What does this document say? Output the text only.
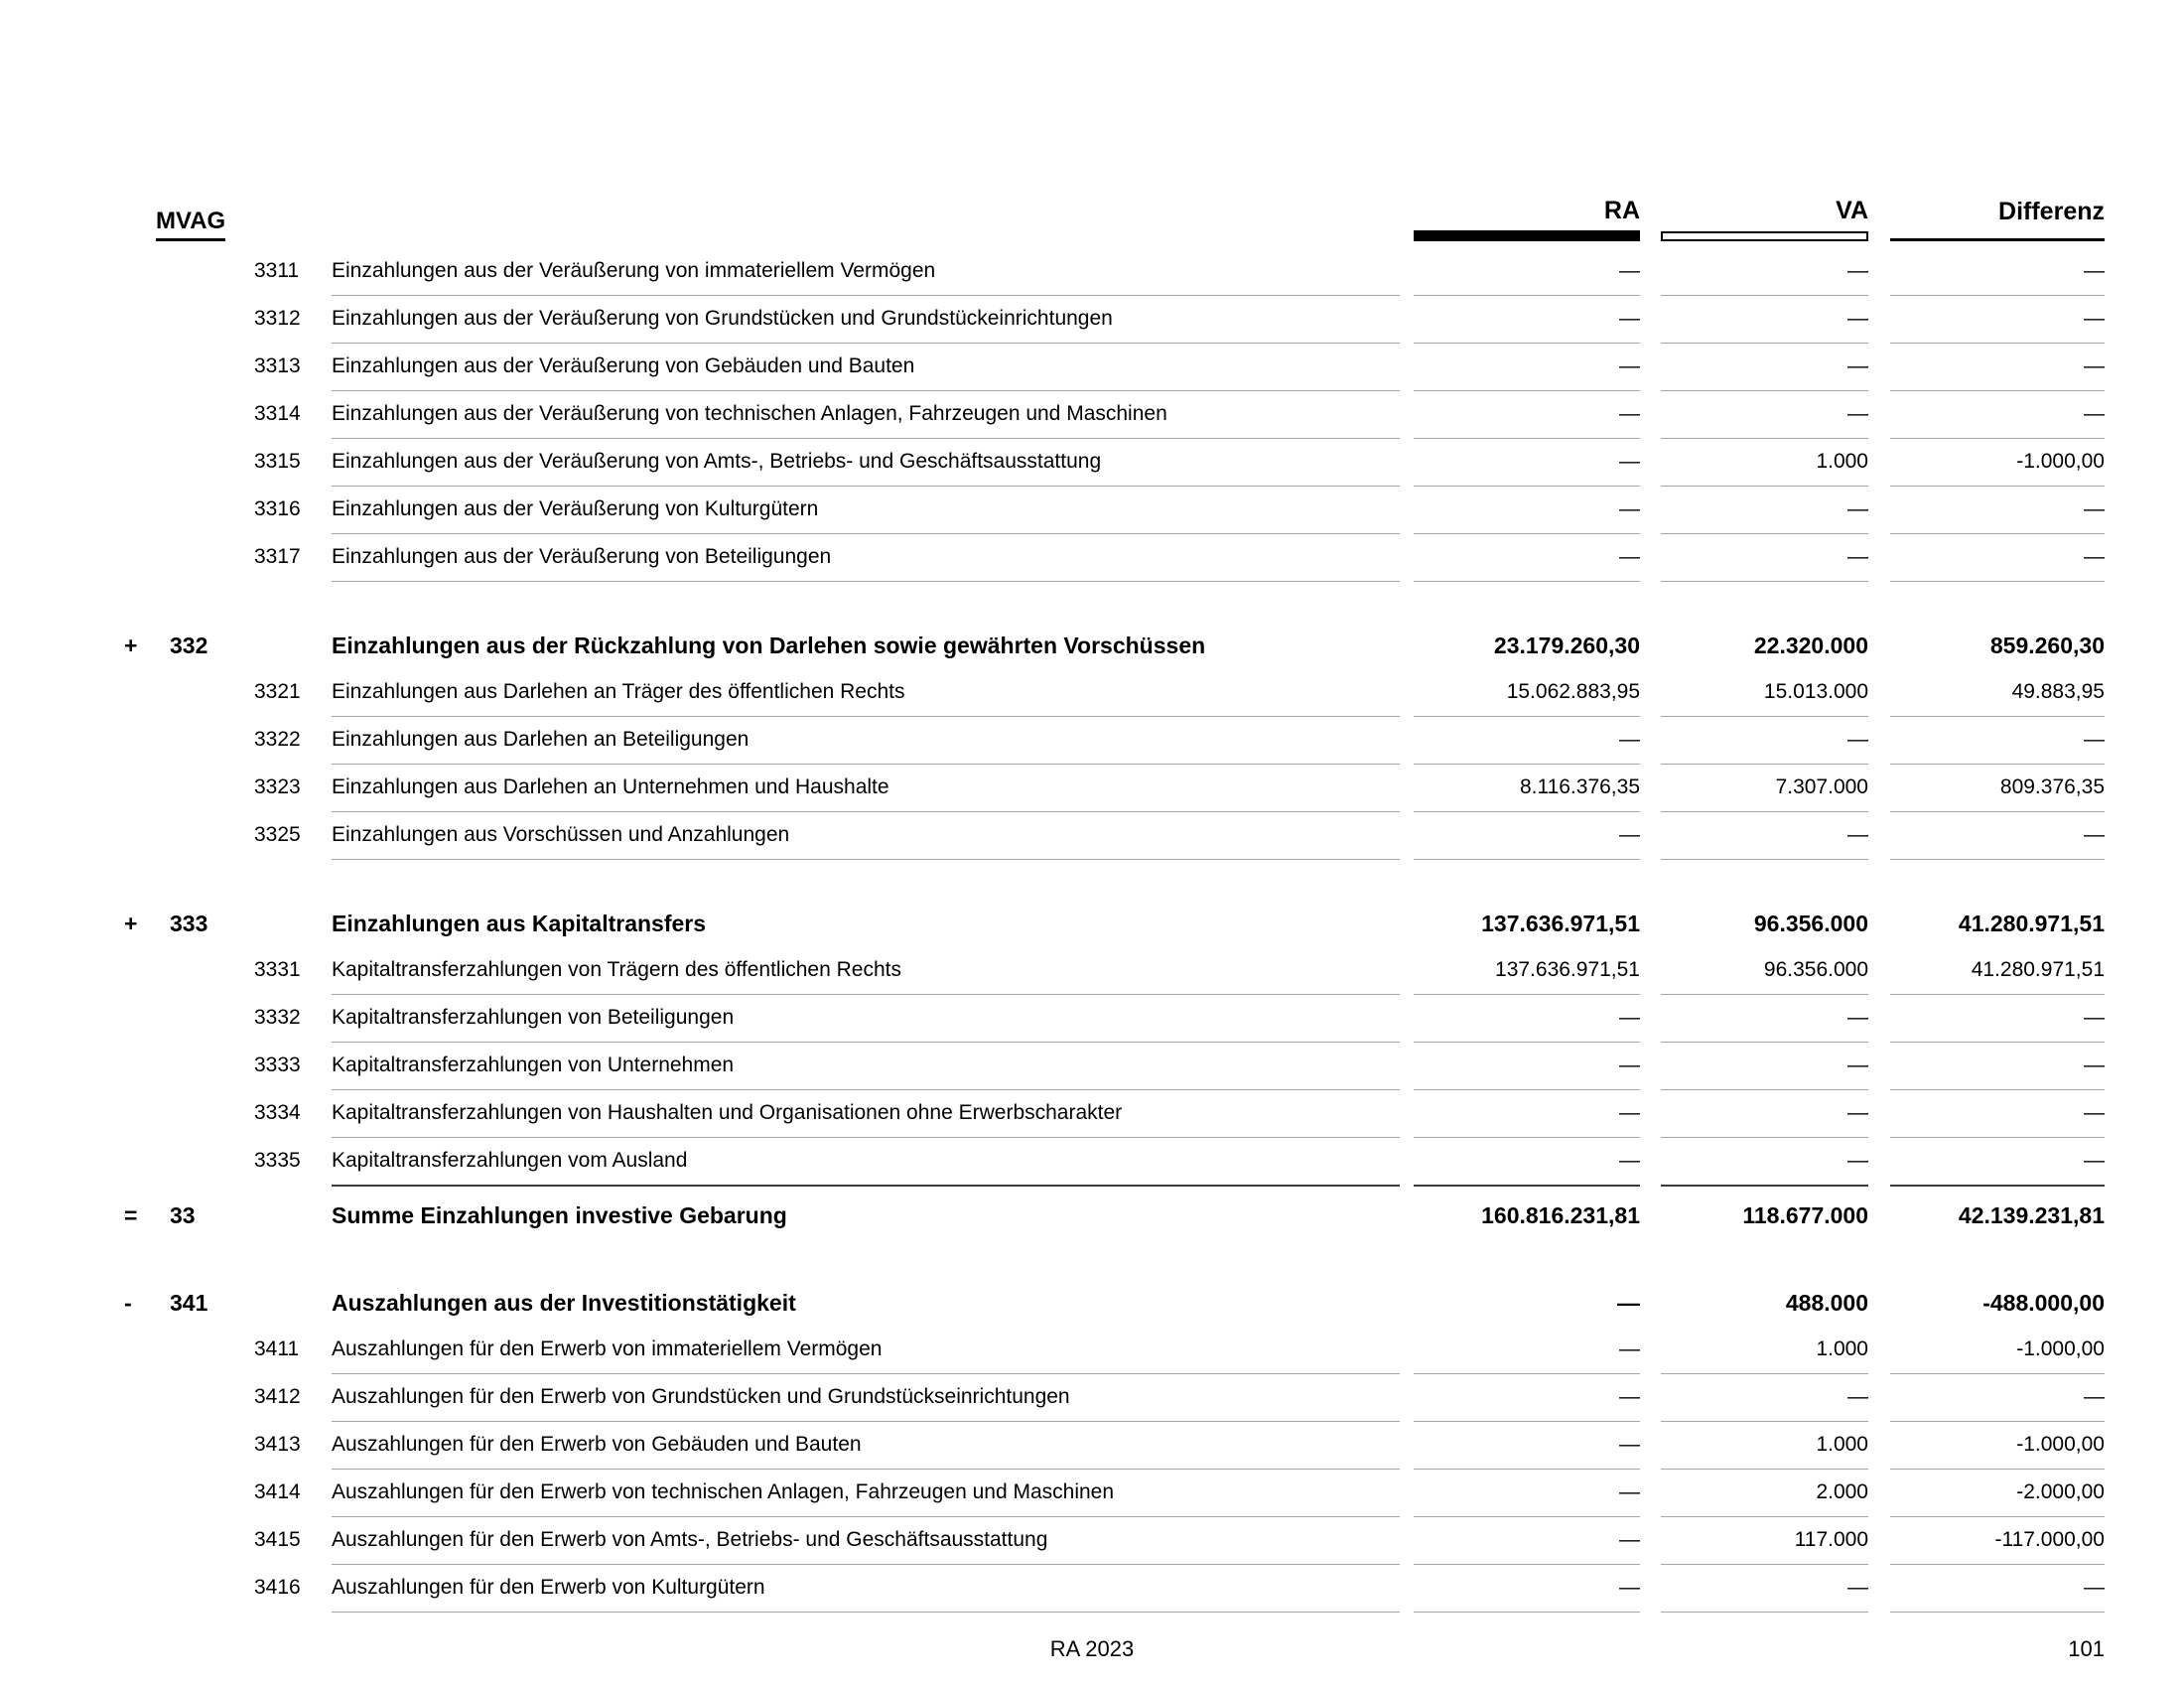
MVAG	RA	VA	Differenz
3311	Einzahlungen aus der Veräußerung von immateriellem Vermögen	—	—	—
3312	Einzahlungen aus der Veräußerung von Grundstücken und Grundstückeinrichtungen	—	—	—
3313	Einzahlungen aus der Veräußerung von Gebäuden und Bauten	—	—	—
3314	Einzahlungen aus der Veräußerung von technischen Anlagen, Fahrzeugen und Maschinen	—	—	—
3315	Einzahlungen aus der Veräußerung von Amts-, Betriebs- und Geschäftsausstattung	—	1.000	-1.000,00
3316	Einzahlungen aus der Veräußerung von Kulturgütern	—	—	—
3317	Einzahlungen aus der Veräußerung von Beteiligungen	—	—	—
+	332	Einzahlungen aus der Rückzahlung von Darlehen sowie gewährten Vorschüssen	23.179.260,30	22.320.000	859.260,30
3321	Einzahlungen aus Darlehen an Träger des öffentlichen Rechts	15.062.883,95	15.013.000	49.883,95
3322	Einzahlungen aus Darlehen an Beteiligungen	—	—	—
3323	Einzahlungen aus Darlehen an Unternehmen und Haushalte	8.116.376,35	7.307.000	809.376,35
3325	Einzahlungen aus Vorschüssen und Anzahlungen	—	—	—
+	333	Einzahlungen aus Kapitaltransfers	137.636.971,51	96.356.000	41.280.971,51
3331	Kapitaltransferzahlungen von Trägern des öffentlichen Rechts	137.636.971,51	96.356.000	41.280.971,51
3332	Kapitaltransferzahlungen von Beteiligungen	—	—	—
3333	Kapitaltransferzahlungen von Unternehmen	—	—	—
3334	Kapitaltransferzahlungen von Haushalten und Organisationen ohne Erwerbscharakter	—	—	—
3335	Kapitaltransferzahlungen vom Ausland	—	—	—
=	33	Summe Einzahlungen investive Gebarung	160.816.231,81	118.677.000	42.139.231,81
-	341	Auszahlungen aus der Investitionstätigkeit	—	488.000	-488.000,00
3411	Auszahlungen für den Erwerb von immateriellem Vermögen	—	1.000	-1.000,00
3412	Auszahlungen für den Erwerb von Grundstücken und Grundstückseinrichtungen	—	—	—
3413	Auszahlungen für den Erwerb von Gebäuden und Bauten	—	1.000	-1.000,00
3414	Auszahlungen für den Erwerb von technischen Anlagen, Fahrzeugen und Maschinen	—	2.000	-2.000,00
3415	Auszahlungen für den Erwerb von Amts-, Betriebs- und Geschäftsausstattung	—	117.000	-117.000,00
3416	Auszahlungen für den Erwerb von Kulturgütern	—	—	—
RA 2023	101
